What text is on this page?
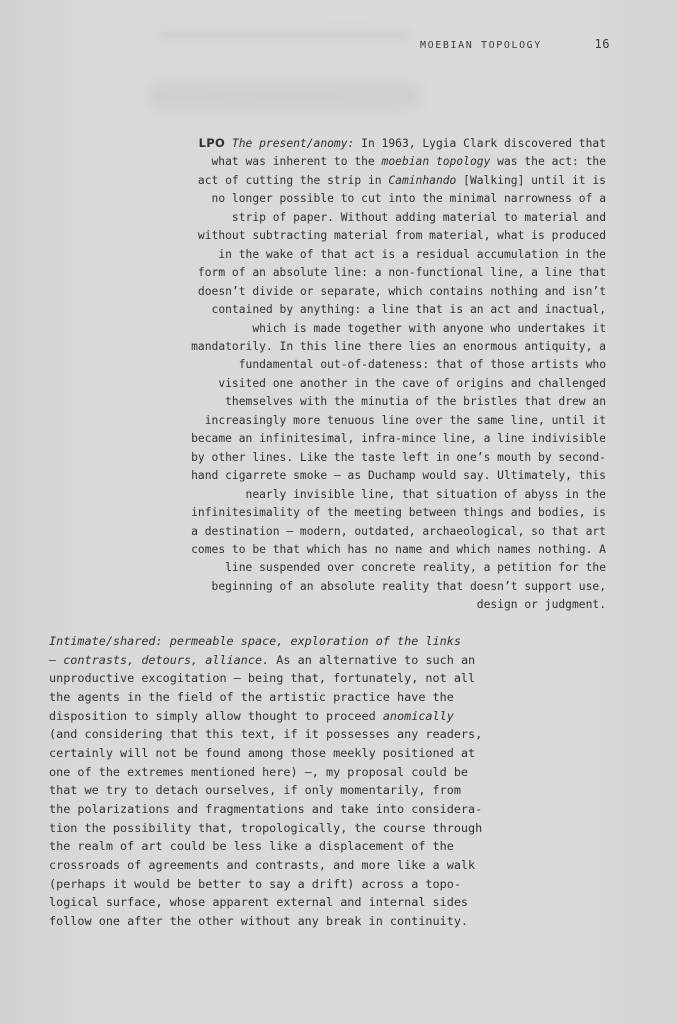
MOEBIAN TOPOLOGY	16
LPO The present/anomy: In 1963, Lygia Clark discovered that
what was inherent to the moebian topology was the act: the
act of cutting the strip in Caminhando [Walking] until it is
no longer possible to cut into the minimal narrowness of a
strip of paper. Without adding material to material and
without subtracting material from material, what is produced
in the wake of that act is a residual accumulation in the
form of an absolute line: a non-functional line, a line that
doesn’t divide or separate, which contains nothing and isn’t
contained by anything: a line that is an act and inactual,
which is made together with anyone who undertakes it
mandatorily. In this line there lies an enormous antiquity, a
fundamental out-of-dateness: that of those artists who
visited one another in the cave of origins and challenged
themselves with the minutia of the bristles that drew an
increasingly more tenuous line over the same line, until it
became an infinitesimal, infra-mince line, a line indivisible
by other lines. Like the taste left in one’s mouth by second-
hand cigarrete smoke – as Duchamp would say. Ultimately, this
nearly invisible line, that situation of abyss in the
infinitesimality of the meeting between things and bodies, is
a destination – modern, outdated, archaeological, so that art
comes to be that which has no name and which names nothing. A
line suspended over concrete reality, a petition for the
beginning of an absolute reality that doesn’t support use,
design or judgment.
Intimate/shared: permeable space, exploration of the links
– contrasts, detours, alliance. As an alternative to such an
unproductive excogitation – being that, fortunately, not all
the agents in the field of the artistic practice have the
disposition to simply allow thought to proceed anomically
(and considering that this text, if it possesses any readers,
certainly will not be found among those meekly positioned at
one of the extremes mentioned here) –, my proposal could be
that we try to detach ourselves, if only momentarily, from
the polarizations and fragmentations and take into considera-
tion the possibility that, tropologically, the course through
the realm of art could be less like a displacement of the
crossroads of agreements and contrasts, and more like a walk
(perhaps it would be better to say a drift) across a topo-
logical surface, whose apparent external and internal sides
follow one after the other without any break in continuity.
